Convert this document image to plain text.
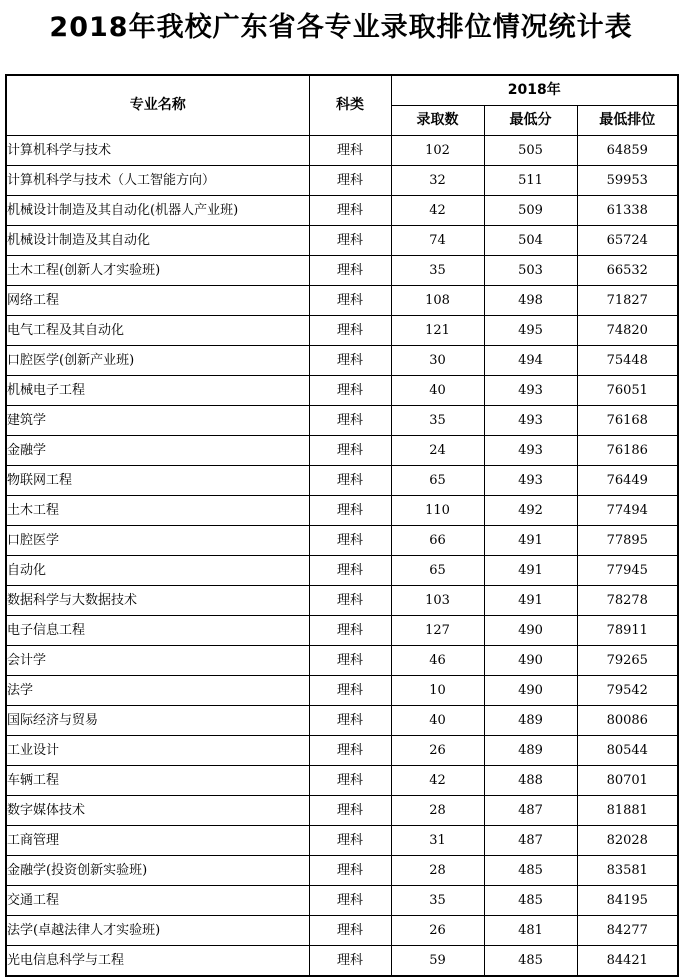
2018年我校广东省各专业录取排位情况统计表
专业名称	科类	2018年		
		录取数	最低分	最低排位
计算机科学与技术	理科	102	505	64859
计算机科学与技术（人工智能方向）	理科	32	511	59953
机械设计制造及其自动化(机器人产业班)	理科	42	509	61338
机械设计制造及其自动化	理科	74	504	65724
土木工程(创新人才实验班)	理科	35	503	66532
网络工程	理科	108	498	71827
电气工程及其自动化	理科	121	495	74820
口腔医学(创新产业班)	理科	30	494	75448
机械电子工程	理科	40	493	76051
建筑学	理科	35	493	76168
金融学	理科	24	493	76186
物联网工程	理科	65	493	76449
土木工程	理科	110	492	77494
口腔医学	理科	66	491	77895
自动化	理科	65	491	77945
数据科学与大数据技术	理科	103	491	78278
电子信息工程	理科	127	490	78911
会计学	理科	46	490	79265
法学	理科	10	490	79542
国际经济与贸易	理科	40	489	80086
工业设计	理科	26	489	80544
车辆工程	理科	42	488	80701
数字媒体技术	理科	28	487	81881
工商管理	理科	31	487	82028
金融学(投资创新实验班)	理科	28	485	83581
交通工程	理科	35	485	84195
法学(卓越法律人才实验班)	理科	26	481	84277
光电信息科学与工程	理科	59	485	84421
